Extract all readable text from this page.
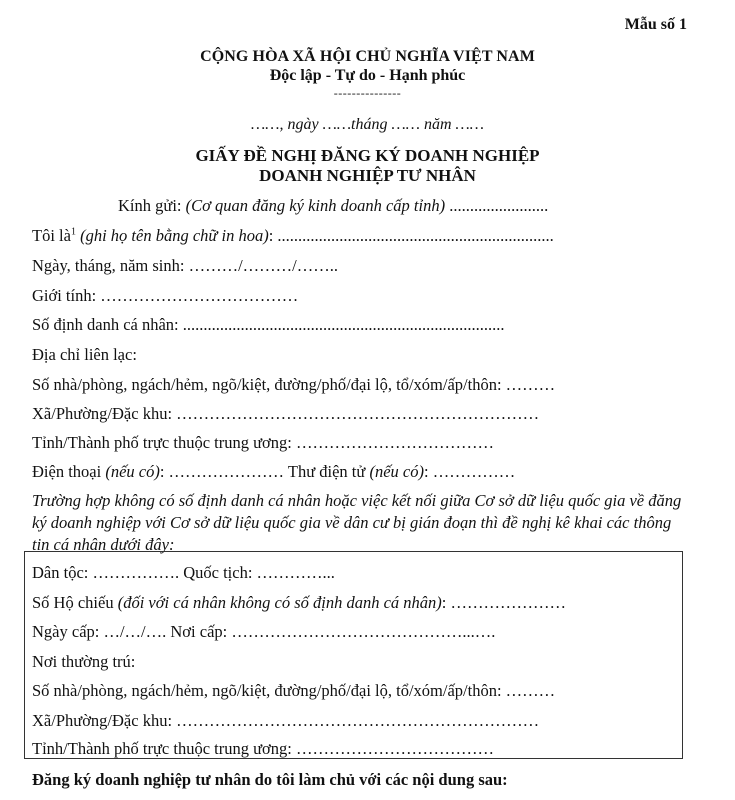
Mẫu số 1
CỘNG HÒA XÃ HỘI CHỦ NGHĨA VIỆT NAM
Độc lập - Tự do - Hạnh phúc
---------------
……, ngày ……tháng …… năm ……
GIẤY ĐỀ NGHỊ ĐĂNG KÝ DOANH NGHIỆP
DOANH NGHIỆP TƯ NHÂN
Kính gửi: (Cơ quan đăng ký kinh doanh cấp tỉnh) ........................
Tôi $là^1$ (ghi họ tên bằng chữ in hoa): ...................................................................
Ngày, tháng, năm sinh: ………/………/……..
Giới tính: ………………………………
Số định danh cá nhân: ..............................................................................
Địa chỉ liên lạc:
Số nhà/phòng, ngách/hẻm, ngõ/kiệt, đường/phố/đại lộ, tổ/xóm/ấp/thôn: ………
Xã/Phường/Đặc khu: …………………………………………………………
Tỉnh/Thành phố trực thuộc trung ương: ………………………………
Điện thoại (nếu có): ………………… Thư điện tử (nếu có): ……………
Trường hợp không có số định danh cá nhân hoặc việc kết nối giữa Cơ sở dữ liệu quốc gia về đăng ký doanh nghiệp với Cơ sở dữ liệu quốc gia về dân cư bị gián đoạn thì đề nghị kê khai các thông tin cá nhân dưới đây:
Dân tộc: ……………. Quốc tịch: …………...
Số Hộ chiếu (đối với cá nhân không có số định danh cá nhân): …………………
Ngày cấp: …/…/…. Nơi cấp: ……………………………………...….
Nơi thường trú:
Số nhà/phòng, ngách/hẻm, ngõ/kiệt, đường/phố/đại lộ, tổ/xóm/ấp/thôn: ………
Xã/Phường/Đặc khu: …………………………………………………………
Tỉnh/Thành phố trực thuộc trung ương: ………………………………
Đăng ký doanh nghiệp tư nhân do tôi làm chủ với các nội dung sau:
